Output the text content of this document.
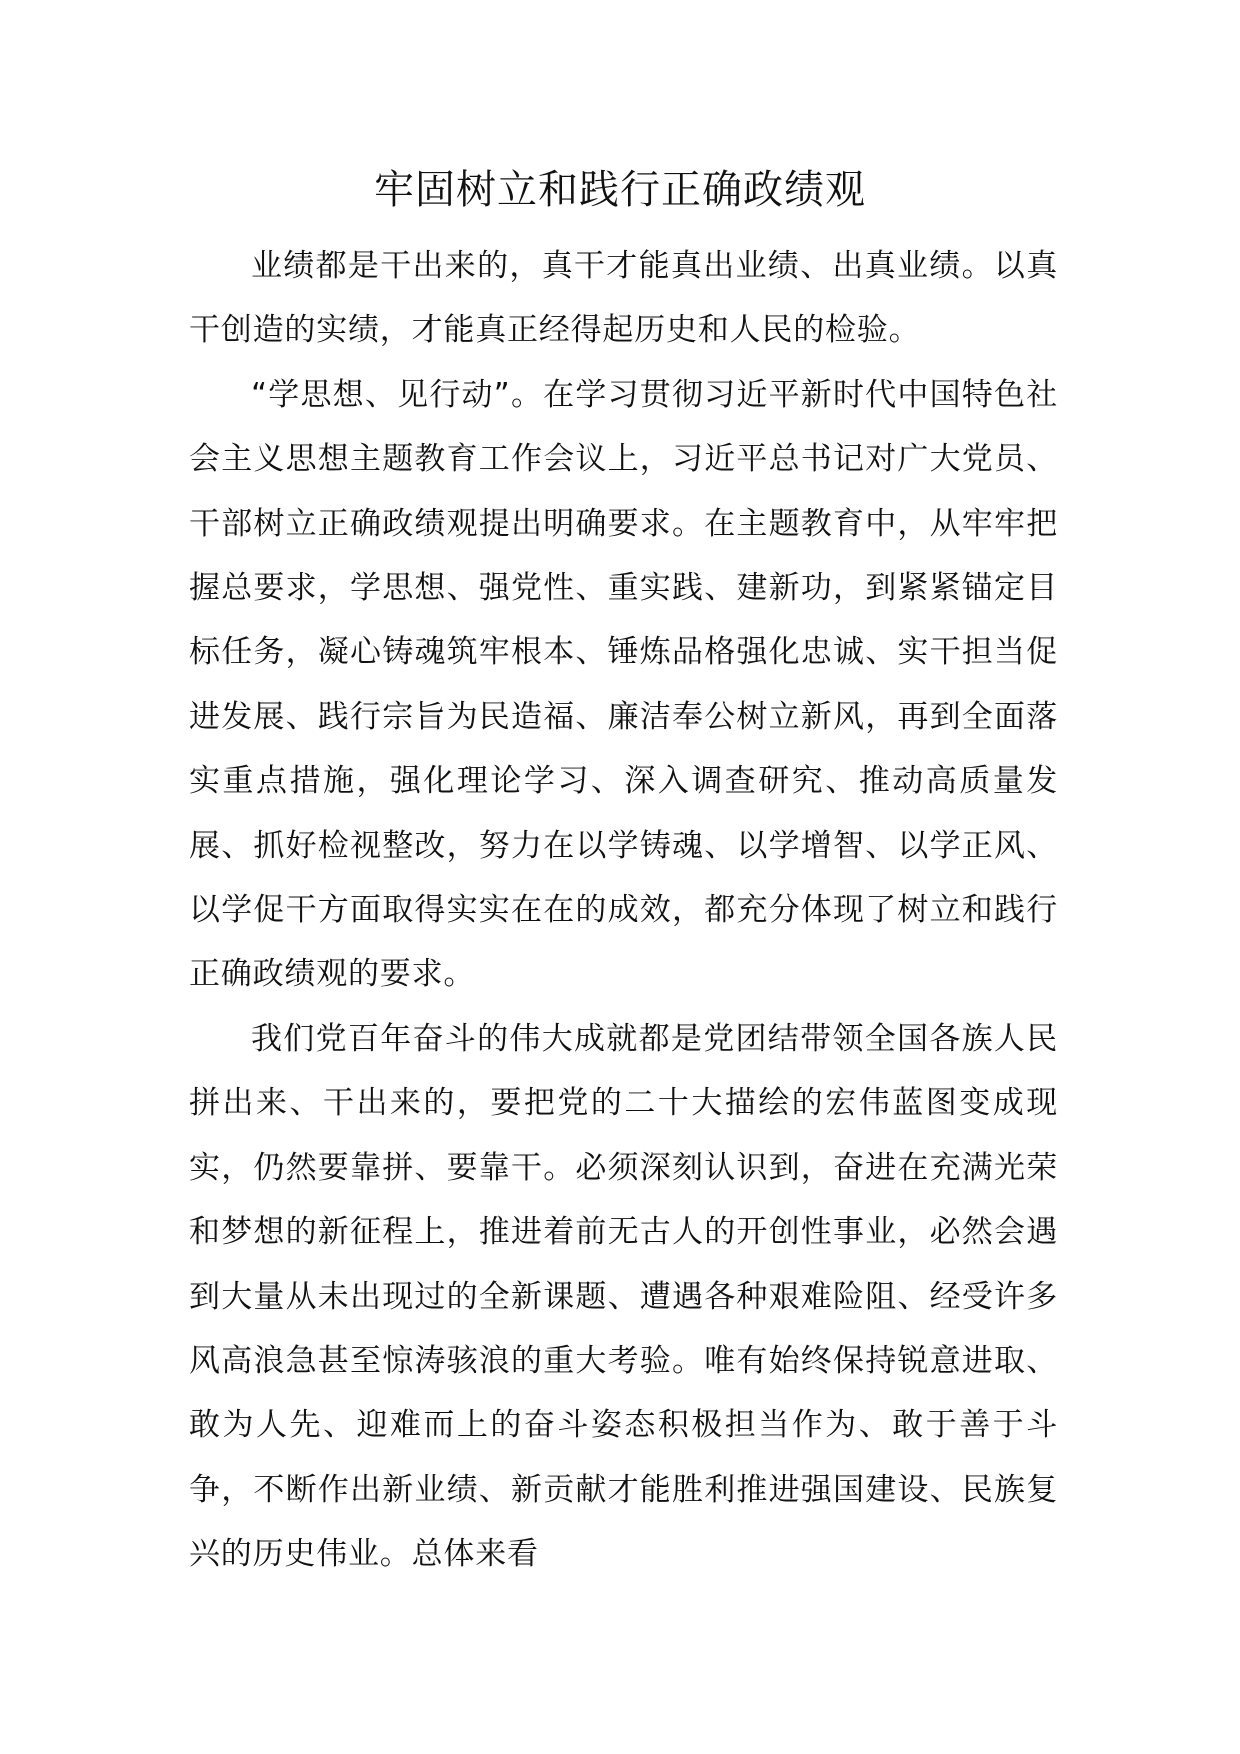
牢固树立和践行正确政绩观

业绩都是干出来的，真干才能真出业绩、出真业绩。以真干创造的实绩，才能真正经得起历史和人民的检验。

“学思想、见行动”。在学习贯彻习近平新时代中国特色社会主义思想主题教育工作会议上，习近平总书记对广大党员、干部树立正确政绩观提出明确要求。在主题教育中，从牢牢把握总要求，学思想、强党性、重实践、建新功，到紧紧锚定目标任务，凝心铸魂筑牢根本、锤炼品格强化忠诚、实干担当促进发展、践行宗旨为民造福、廉洁奉公树立新风，再到全面落实重点措施，强化理论学习、深入调查研究、推动高质量发展、抓好检视整改，努力在以学铸魂、以学增智、以学正风、以学促干方面取得实实在在的成效，都充分体现了树立和践行正确政绩观的要求。

我们党百年奋斗的伟大成就都是党团结带领全国各族人民拼出来、干出来的，要把党的二十大描绘的宏伟蓝图变成现实，仍然要靠拼、要靠干。必须深刻认识到，奋进在充满光荣和梦想的新征程上，推进着前无古人的开创性事业，必然会遇到大量从未出现过的全新课题、遭遇各种艰难险阻、经受许多风高浪急甚至惊涛骇浪的重大考验。唯有始终保持锐意进取、敢为人先、迎难而上的奋斗姿态积极担当作为、敢于善于斗争，不断作出新业绩、新贡献才能胜利推进强国建设、民族复兴的历史伟业。总体来看
